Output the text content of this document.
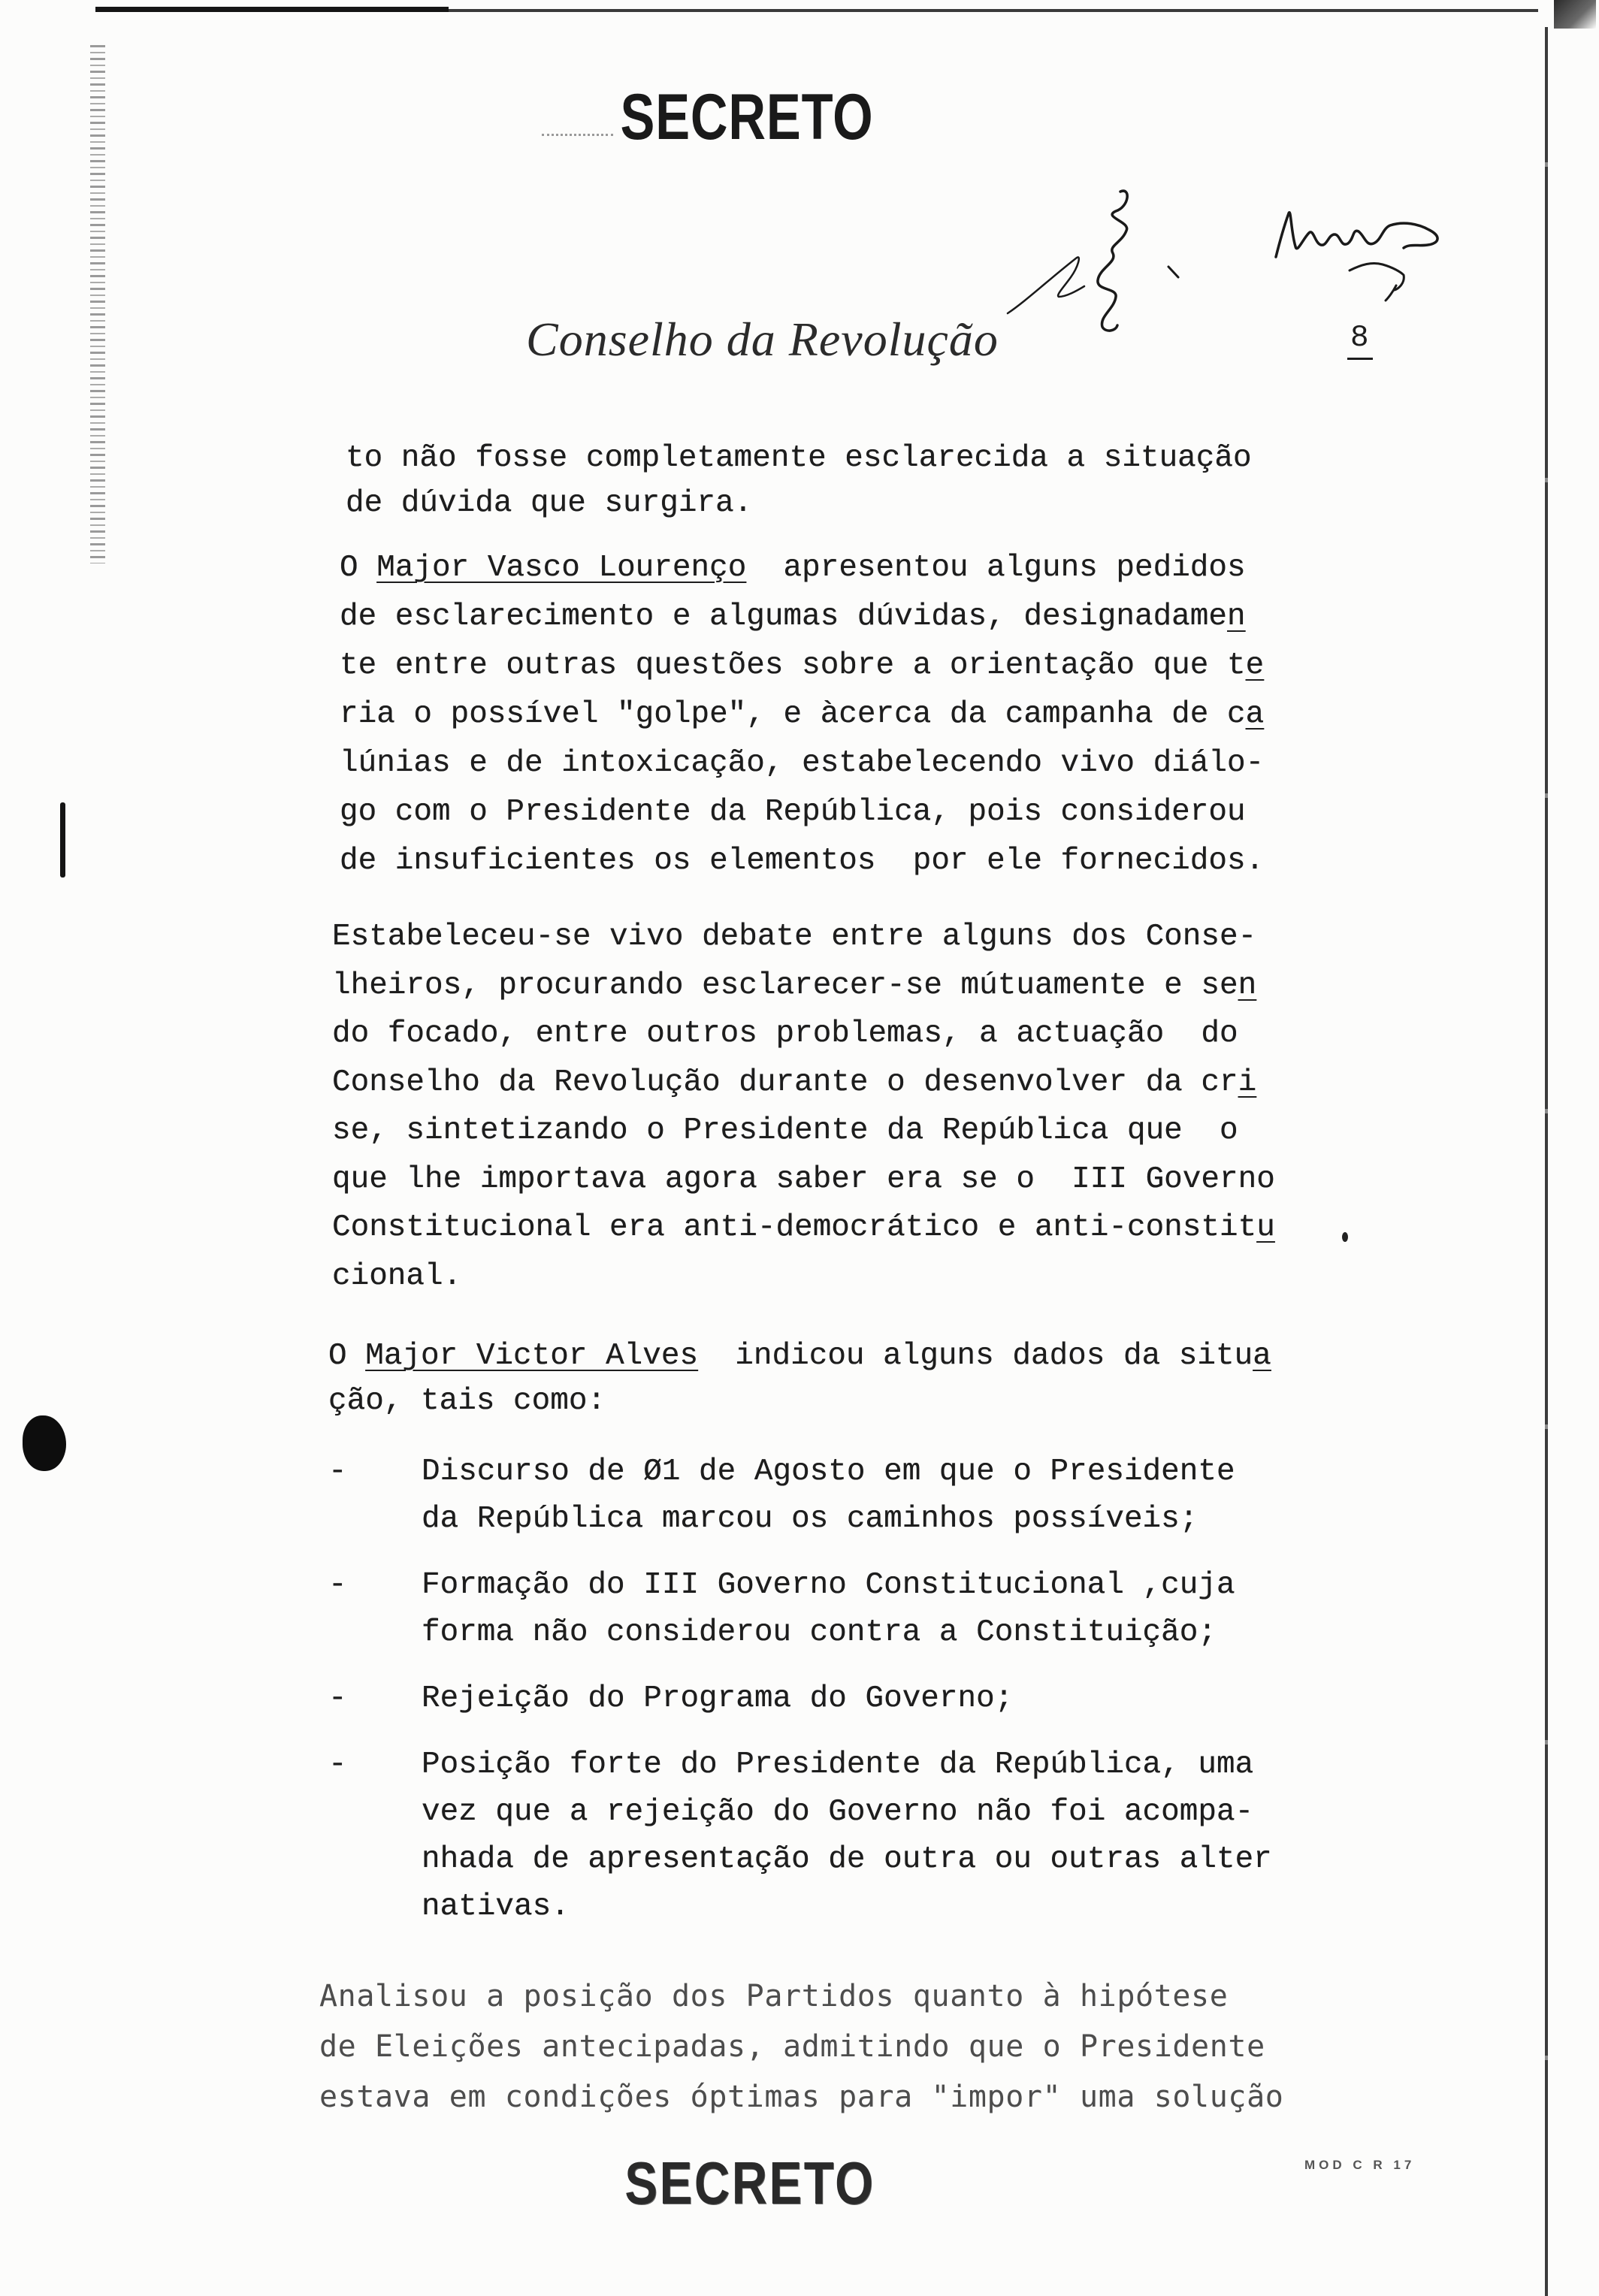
SECRETO
Conselho da Revolução	8
to não fosse completamente esclarecida a situação
de dúvida que surgira.
O Major Vasco Lourenço  apresentou alguns pedidos
de esclarecimento e algumas dúvidas, designadamen
te entre outras questões sobre a orientação que te
ria o possível "golpe", e àcerca da campanha de ca
lúnias e de intoxicação, estabelecendo vivo diálo-
go com o Presidente da República, pois considerou
de insuficientes os elementos  por ele fornecidos.
Estabeleceu-se vivo debate entre alguns dos Conse-
lheiros, procurando esclarecer-se mútuamente e sen
do focado, entre outros problemas, a actuação  do
Conselho da Revolução durante o desenvolver da cri
se, sintetizando o Presidente da República que  o
que lhe importava agora saber era se o  III Governo
Constitucional era anti-democrático e anti-constitu
cional.
O Major Victor Alves  indicou alguns dados da situa
ção, tais como:
- Discurso de Ø1 de Agosto em que o Presidente
da República marcou os caminhos possíveis;
- Formação do III Governo Constitucional ,cuja
forma não considerou contra a Constituição;
- Rejeição do Programa do Governo;
- Posição forte do Presidente da República, uma
vez que a rejeição do Governo não foi acompa-
nhada de apresentação de outra ou outras alter
nativas.
Analisou a posição dos Partidos quanto à hipótese
de Eleições antecipadas, admitindo que o Presidente
estava em condições óptimas para "impor" uma solução
SECRETO	MOD C R 17
